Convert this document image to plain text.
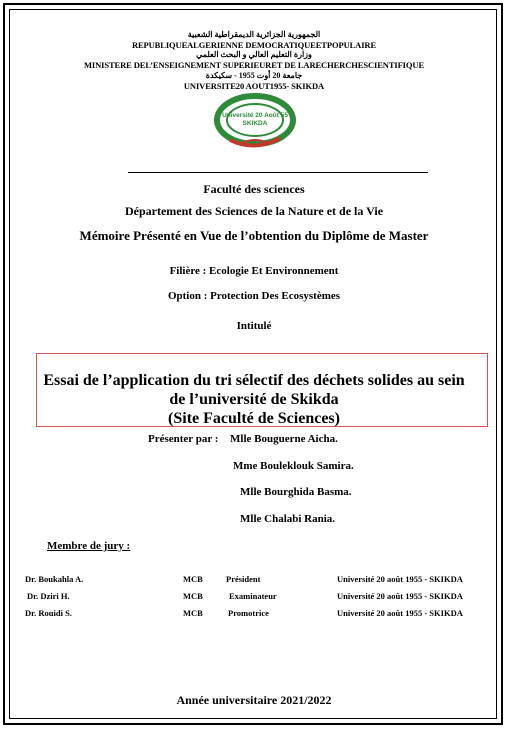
الجمهورية الجزائرية الديمقراطية الشعبية
REPUBLIQUEALGERIENNE DEMOCRATIQUEETPOPULAIRE
وزارة التعليم العالي و البحث العلمي
MINISTERE DEL’ENSEIGNEMENT SUPERIEURET DE LARECHERCHESCIENTIFIQUE
جامعة 20 أوت 1955 - سكيكدة
UNIVERSITE20 AOUT1955- SKIKDA
Université 20 Août 55
SKIKDA
Faculté des sciences
Département des Sciences de la Nature et de la Vie
Mémoire Présenté en Vue de l’obtention du Diplôme de Master
Filière : Ecologie Et Environnement
Option : Protection Des Ecosystèmes
Intitulé
Essai de l’application du tri sélectif des déchets solides au sein
de l’université de Skikda
(Site Faculté de Sciences)
Présenter par : Mlle Bouguerne Aicha.
Mme Bouleklouk Samira.
Mlle Bourghida Basma.
Mlle Chalabi Rania.
Membre de jury :
Dr. Boukahla A.	MCB	Président	Université 20 août 1955 - SKIKDA
Dr. Dziri H.	MCB	Examinateur	Université 20 août 1955 - SKIKDA
Dr. Rouidi S.	MCB	Promotrice	Université 20 août 1955 - SKIKDA
Année universitaire 2021/2022
